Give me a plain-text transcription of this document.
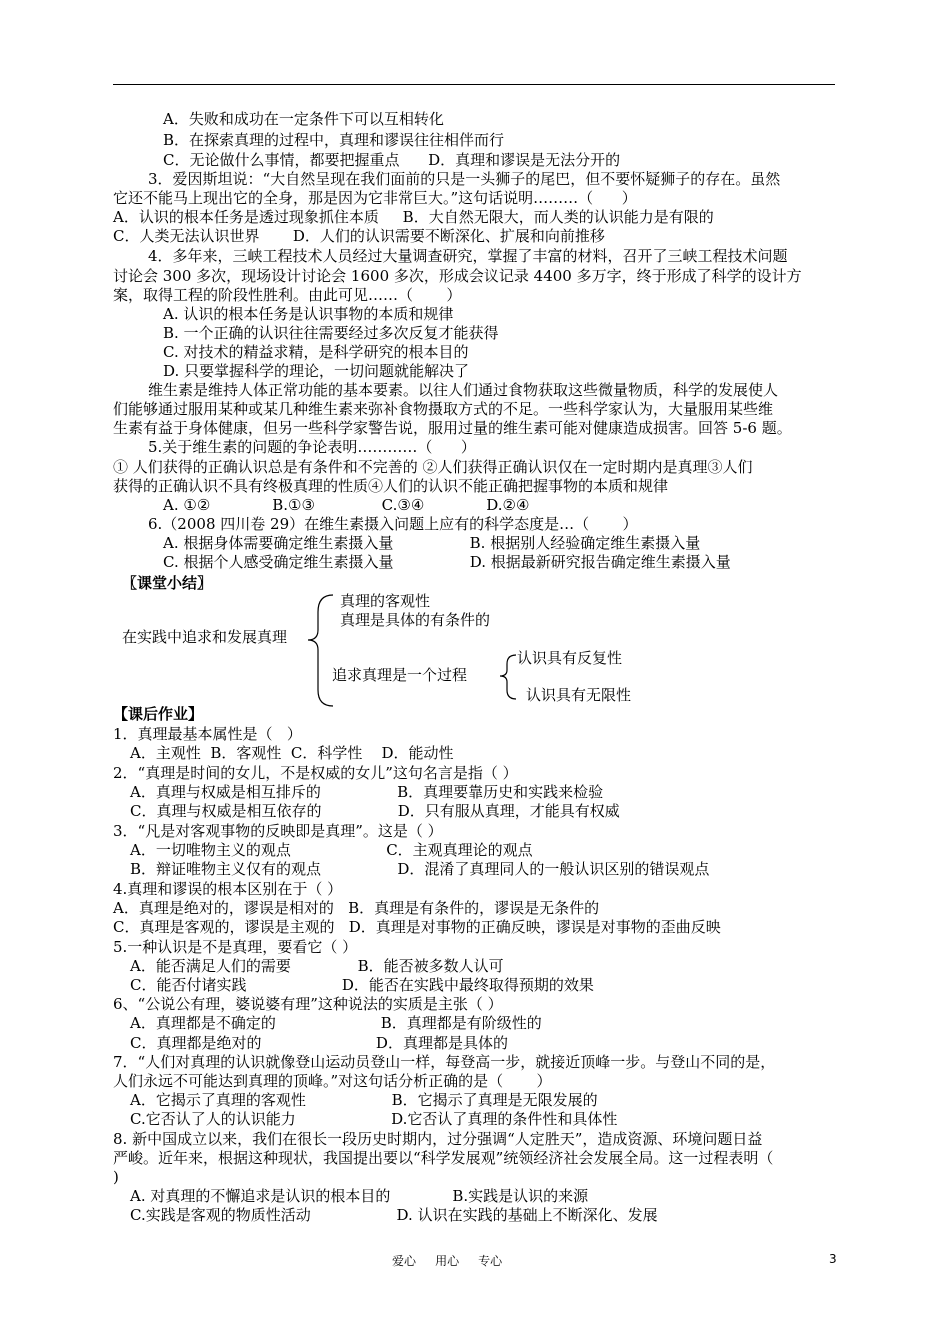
A．失败和成功在一定条件下可以互相转化
B．在探索真理的过程中，真理和谬误往往相伴而行
C．无论做什么事情，都要把握重点      D．真理和谬误是无法分开的
3．爱因斯坦说：“大自然呈现在我们面前的只是一头狮子的尾巴，但不要怀疑狮子的存在。虽然
它还不能马上现出它的全身，那是因为它非常巨大。”这句话说明………（      ）
A．认识的根本任务是透过现象抓住本质     B．大自然无限大，而人类的认识能力是有限的
C．人类无法认识世界       D．人们的认识需要不断深化、扩展和向前推移
4．多年来，三峡工程技术人员经过大量调查研究，掌握了丰富的材料，召开了三峡工程技术问题
讨论会 300 多次，现场设计讨论会 1600 多次，形成会议记录 4400 多万字，终于形成了科学的设计方
案，取得工程的阶段性胜利。由此可见……（       ）
A. 认识的根本任务是认识事物的本质和规律
B. 一个正确的认识往往需要经过多次反复才能获得
C. 对技术的精益求精，是科学研究的根本目的
D. 只要掌握科学的理论，一切问题就能解决了
维生素是维持人体正常功能的基本要素。以往人们通过食物获取这些微量物质，科学的发展使人
们能够通过服用某种或某几种维生素来弥补食物摄取方式的不足。一些科学家认为，大量服用某些维
生素有益于身体健康，但另一些科学家警告说，服用过量的维生素可能对健康造成损害。回答 5-6 题。
5.关于维生素的问题的争论表明…………（      ）
① 人们获得的正确认识总是有条件和不完善的 ②人们获得正确认识仅在一定时期内是真理③人们
获得的正确认识不具有终极真理的性质④人们的认识不能正确把握事物的本质和规律
A. ①②             B.①③              C.③④             D.②④
6.（2008 四川卷 29）在维生素摄入问题上应有的科学态度是…（       ）
A. 根据身体需要确定维生素摄入量                B. 根据别人经验确定维生素摄入量
C. 根据个人感受确定维生素摄入量                D. 根据最新研究报告确定维生素摄入量
〖课堂小结〗
【课后作业】
1．真理最基本属性是（   ）
A．主观性  B．客观性  C．科学性    D．能动性
2．“真理是时间的女儿，不是权威的女儿”这句名言是指（ ）
A．真理与权威是相互排斥的                B．真理要靠历史和实践来检验
C．真理与权威是相互依存的                D．只有服从真理，才能具有权威
3．“凡是对客观事物的反映即是真理”。这是（ ）
A．一切唯物主义的观点                    C．主观真理论的观点
B．辩证唯物主义仅有的观点                D．混淆了真理同人的一般认识区别的错误观点
4.真理和谬误的根本区别在于（ ）
A．真理是绝对的，谬误是相对的   B．真理是有条件的，谬误是无条件的
C．真理是客观的，谬误是主观的   D．真理是对事物的正确反映，谬误是对事物的歪曲反映
5.一种认识是不是真理，要看它（ ）
A．能否满足人们的需要              B．能否被多数人认可
C．能否付诸实践                    D．能否在实践中最终取得预期的效果
6、“公说公有理，婆说婆有理”这种说法的实质是主张（ ）
A．真理都是不确定的                      B．真理都是有阶级性的
C．真理都是绝对的                        D．真理都是具体的
7．“人们对真理的认识就像登山运动员登山一样，每登高一步，就接近顶峰一步。与登山不同的是，
人们永远不可能达到真理的顶峰。”对这句话分析正确的是（       ）
A．它揭示了真理的客观性                  B．它揭示了真理是无限发展的
C.它否认了人的认识能力                    D.它否认了真理的条件性和具体性
8. 新中国成立以来，我们在很长一段历史时期内，过分强调“人定胜天”，造成资源、环境问题日益
严峻。近年来，根据这种现状，我国提出要以“科学发展观”统领经济社会发展全局。这一过程表明（
)
A. 对真理的不懈追求是认识的根本目的             B.实践是认识的来源
C.实践是客观的物质性活动                  D. 认识在实践的基础上不断深化、发展
在实践中追求和发展真理
真理的客观性
真理是具体的有条件的
追求真理是一个过程
认识具有反复性
认识具有无限性
爱心     用心     专心	3
